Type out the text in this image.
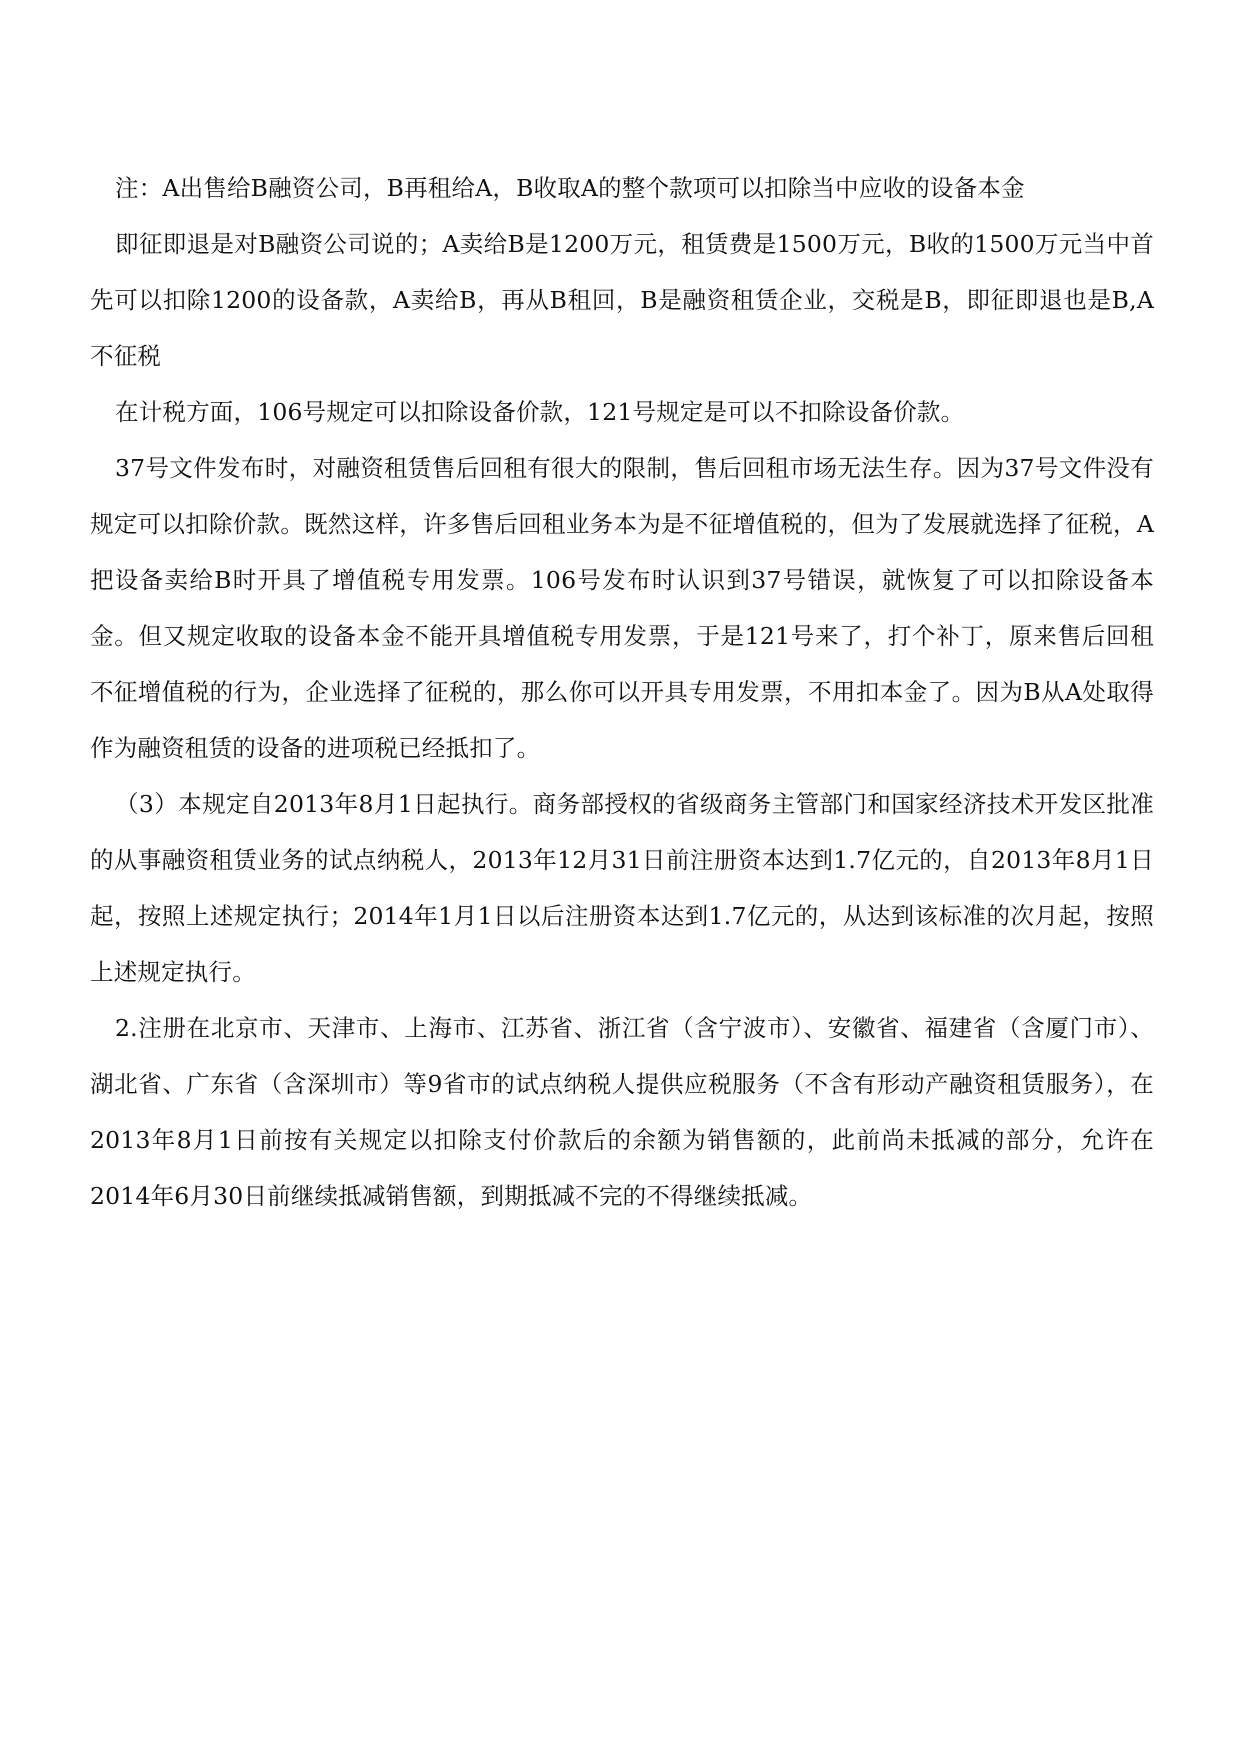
注：A出售给B融资公司，B再租给A，B收取A的整个款项可以扣除当中应收的设备本金

即征即退是对B融资公司说的；A卖给B是1200万元，租赁费是1500万元，B收的1500万元当中首先可以扣除1200的设备款，A卖给B，再从B租回，B是融资租赁企业，交税是B，即征即退也是B,A不征税

在计税方面，106号规定可以扣除设备价款，121号规定是可以不扣除设备价款。

37号文件发布时，对融资租赁售后回租有很大的限制，售后回租市场无法生存。因为37号文件没有规定可以扣除价款。既然这样，许多售后回租业务本为是不征增值税的，但为了发展就选择了征税，A把设备卖给B时开具了增值税专用发票。106号发布时认识到37号错误，就恢复了可以扣除设备本金。但又规定收取的设备本金不能开具增值税专用发票，于是121号来了，打个补丁，原来售后回租不征增值税的行为，企业选择了征税的，那么你可以开具专用发票，不用扣本金了。因为B从A处取得作为融资租赁的设备的进项税已经抵扣了。

（3）本规定自2013年8月1日起执行。商务部授权的省级商务主管部门和国家经济技术开发区批准的从事融资租赁业务的试点纳税人，2013年12月31日前注册资本达到1.7亿元的，自2013年8月1日起，按照上述规定执行；2014年1月1日以后注册资本达到1.7亿元的，从达到该标准的次月起，按照上述规定执行。

2.注册在北京市、天津市、上海市、江苏省、浙江省（含宁波市）、安徽省、福建省（含厦门市）、湖北省、广东省（含深圳市）等9省市的试点纳税人提供应税服务（不含有形动产融资租赁服务），在2013年8月1日前按有关规定以扣除支付价款后的余额为销售额的，此前尚未抵减的部分，允许在2014年6月30日前继续抵减销售额，到期抵减不完的不得继续抵减。
